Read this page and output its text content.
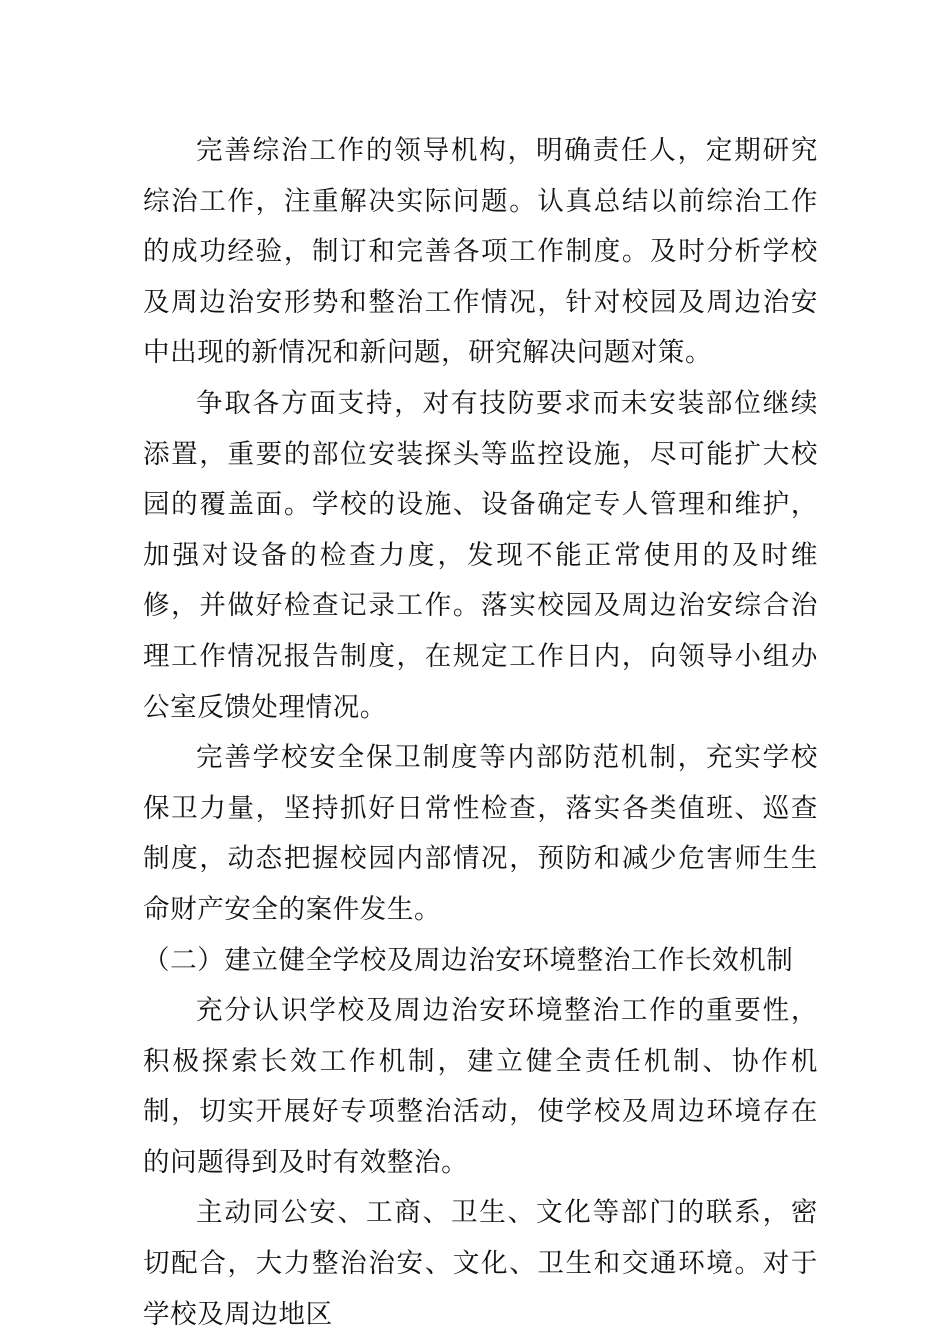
完善综治工作的领导机构，明确责任人，定期研究综治工作，注重解决实际问题。认真总结以前综治工作的成功经验，制订和完善各项工作制度。及时分析学校及周边治安形势和整治工作情况，针对校园及周边治安中出现的新情况和新问题，研究解决问题对策。

争取各方面支持，对有技防要求而未安装部位继续添置，重要的部位安装探头等监控设施，尽可能扩大校园的覆盖面。学校的设施、设备确定专人管理和维护，加强对设备的检查力度，发现不能正常使用的及时维修，并做好检查记录工作。落实校园及周边治安综合治理工作情况报告制度，在规定工作日内，向领导小组办公室反馈处理情况。

完善学校安全保卫制度等内部防范机制，充实学校保卫力量，坚持抓好日常性检查，落实各类值班、巡查制度，动态把握校园内部情况，预防和减少危害师生生命财产安全的案件发生。

（二）建立健全学校及周边治安环境整治工作长效机制

充分认识学校及周边治安环境整治工作的重要性，积极探索长效工作机制，建立健全责任机制、协作机制，切实开展好专项整治活动，使学校及周边环境存在的问题得到及时有效整治。

主动同公安、工商、卫生、文化等部门的联系，密切配合，大力整治治安、文化、卫生和交通环境。对于学校及周边地区
